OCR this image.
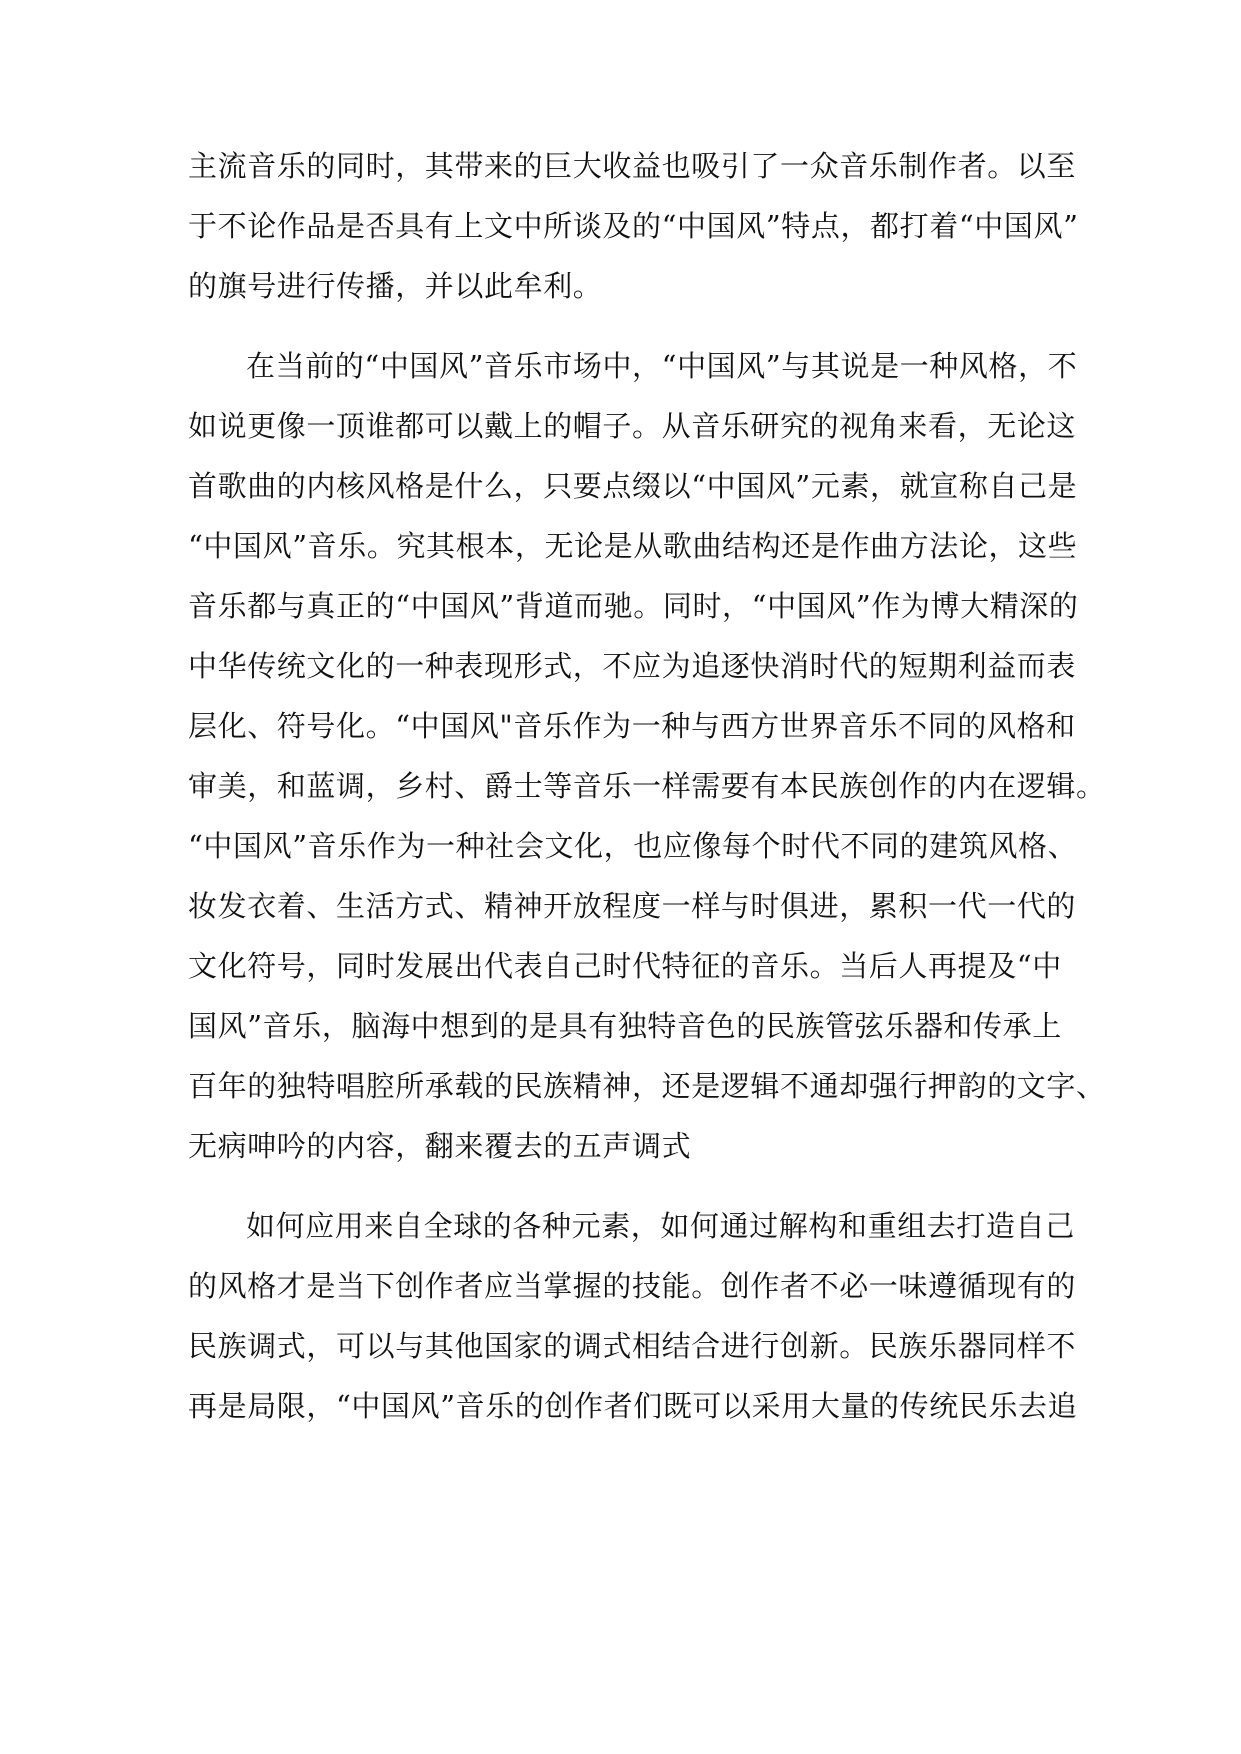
主流音乐的同时，其带来的巨大收益也吸引了一众音乐制作者。以至
于不论作品是否具有上文中所谈及的“中国风”特点，都打着“中国风”
的旗号进行传播，并以此牟利。
在当前的“中国风”音乐市场中，“中国风”与其说是一种风格，不
如说更像一顶谁都可以戴上的帽子。从音乐研究的视角来看，无论这
首歌曲的内核风格是什么，只要点缀以“中国风”元素，就宣称自己是
“中国风”音乐。究其根本，无论是从歌曲结构还是作曲方法论，这些
音乐都与真正的“中国风”背道而驰。同时，“中国风”作为博大精深的
中华传统文化的一种表现形式，不应为追逐快消时代的短期利益而表
层化、符号化。“中国风"音乐作为一种与西方世界音乐不同的风格和
审美，和蓝调，乡村、爵士等音乐一样需要有本民族创作的内在逻辑。
“中国风”音乐作为一种社会文化，也应像每个时代不同的建筑风格、
妆发衣着、生活方式、精神开放程度一样与时俱进，累积一代一代的
文化符号，同时发展出代表自己时代特征的音乐。当后人再提及“中
国风”音乐，脑海中想到的是具有独特音色的民族管弦乐器和传承上
百年的独特唱腔所承载的民族精神，还是逻辑不通却强行押韵的文字、
无病呻吟的内容，翻来覆去的五声调式
如何应用来自全球的各种元素，如何通过解构和重组去打造自己
的风格才是当下创作者应当掌握的技能。创作者不必一味遵循现有的
民族调式，可以与其他国家的调式相结合进行创新。民族乐器同样不
再是局限，“中国风”音乐的创作者们既可以采用大量的传统民乐去追
